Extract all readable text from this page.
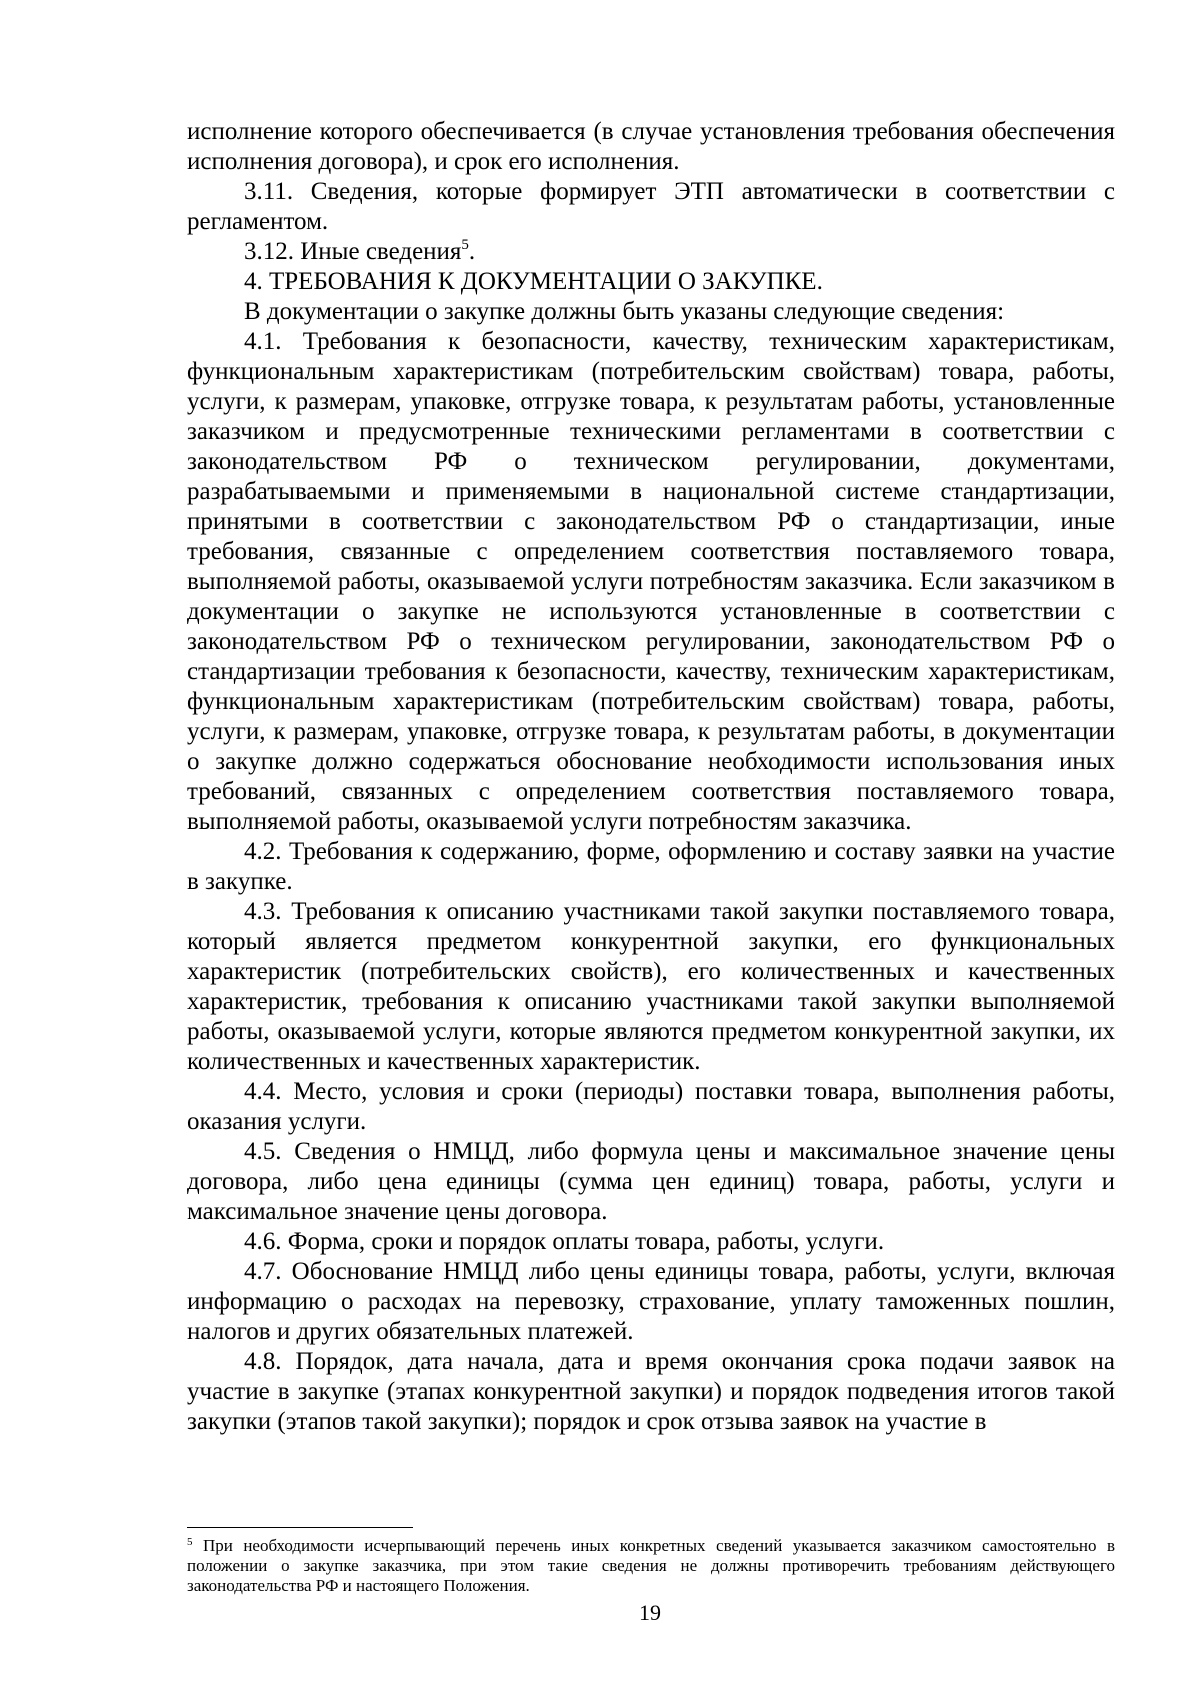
исполнение которого обеспечивается (в случае установления требования обеспечения исполнения договора), и срок его исполнения.

3.11. Сведения, которые формирует ЭТП автоматически в соответствии с регламентом.

3.12. Иные сведения$^5$.

4. ТРЕБОВАНИЯ К ДОКУМЕНТАЦИИ О ЗАКУПКЕ.

В документации о закупке должны быть указаны следующие сведения:

4.1. Требования к безопасности, качеству, техническим характеристикам, функциональным характеристикам (потребительским свойствам) товара, работы, услуги, к размерам, упаковке, отгрузке товара, к результатам работы, установленные заказчиком и предусмотренные техническими регламентами в соответствии с законодательством РФ о техническом регулировании, документами, разрабатываемыми и применяемыми в национальной системе стандартизации, принятыми в соответствии с законодательством РФ о стандартизации, иные требования, связанные с определением соответствия поставляемого товара, выполняемой работы, оказываемой услуги потребностям заказчика. Если заказчиком в документации о закупке не используются установленные в соответствии с законодательством РФ о техническом регулировании, законодательством РФ о стандартизации требования к безопасности, качеству, техническим характеристикам, функциональным характеристикам (потребительским свойствам) товара, работы, услуги, к размерам, упаковке, отгрузке товара, к результатам работы, в документации о закупке должно содержаться обоснование необходимости использования иных требований, связанных с определением соответствия поставляемого товара, выполняемой работы, оказываемой услуги потребностям заказчика.

4.2. Требования к содержанию, форме, оформлению и составу заявки на участие в закупке.

4.3. Требования к описанию участниками такой закупки поставляемого товара, который является предметом конкурентной закупки, его функциональных характеристик (потребительских свойств), его количественных и качественных характеристик, требования к описанию участниками такой закупки выполняемой работы, оказываемой услуги, которые являются предметом конкурентной закупки, их количественных и качественных характеристик.

4.4. Место, условия и сроки (периоды) поставки товара, выполнения работы, оказания услуги.

4.5. Сведения о НМЦД, либо формула цены и максимальное значение цены договора, либо цена единицы (сумма цен единиц) товара, работы, услуги и максимальное значение цены договора.

4.6. Форма, сроки и порядок оплаты товара, работы, услуги.

4.7. Обоснование НМЦД либо цены единицы товара, работы, услуги, включая информацию о расходах на перевозку, страхование, уплату таможенных пошлин, налогов и других обязательных платежей.

4.8. Порядок, дата начала, дата и время окончания срока подачи заявок на участие в закупке (этапах конкурентной закупки) и порядок подведения итогов такой закупки (этапов такой закупки); порядок и срок отзыва заявок на участие в

$^5$ При необходимости исчерпывающий перечень иных конкретных сведений указывается заказчиком самостоятельно в положении о закупке заказчика, при этом такие сведения не должны противоречить требованиям действующего законодательства РФ и настоящего Положения.
19
